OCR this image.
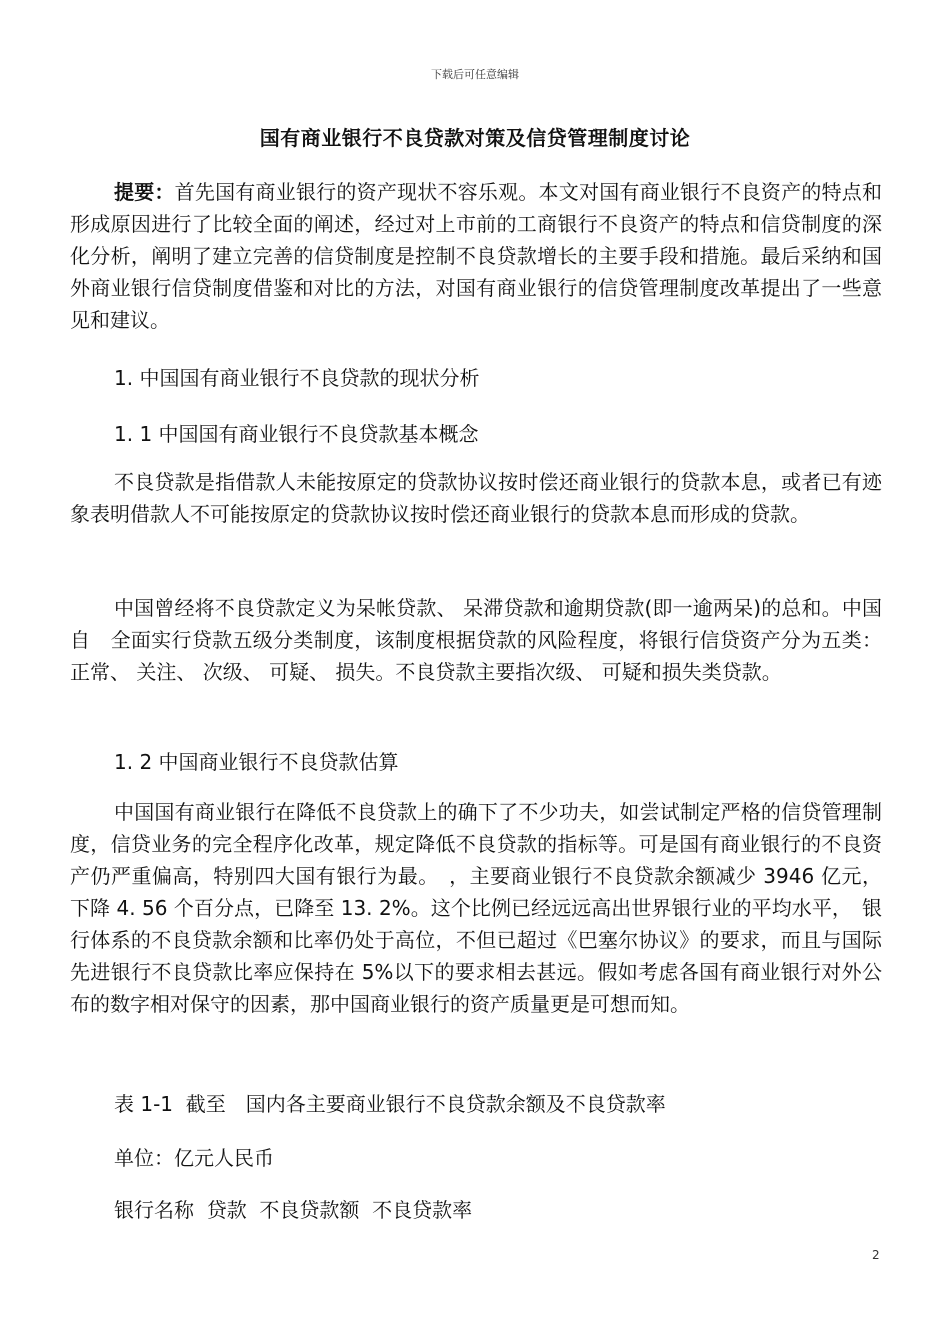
下载后可任意编辑
国有商业银行不良贷款对策及信贷管理制度讨论

提要：首先国有商业银行的资产现状不容乐观。本文对国有商业银行不良资产的特点和形成原因进行了比较全面的阐述，经过对上市前的工商银行不良资产的特点和信贷制度的深化分析，阐明了建立完善的信贷制度是控制不良贷款增长的主要手段和措施。最后采纳和国外商业银行信贷制度借鉴和对比的方法，对国有商业银行的信贷管理制度改革提出了一些意见和建议。

1. 中国国有商业银行不良贷款的现状分析

1. 1 中国国有商业银行不良贷款基本概念

不良贷款是指借款人未能按原定的贷款协议按时偿还商业银行的贷款本息，或者已有迹象表明借款人不可能按原定的贷款协议按时偿还商业银行的贷款本息而形成的贷款。

中国曾经将不良贷款定义为呆帐贷款、 呆滞贷款和逾期贷款(即一逾两呆)的总和。中国自　全面实行贷款五级分类制度，该制度根据贷款的风险程度，将银行信贷资产分为五类：正常、 关注、 次级、 可疑、 损失。不良贷款主要指次级、 可疑和损失类贷款。

1. 2 中国商业银行不良贷款估算

中国国有商业银行在降低不良贷款上的确下了不少功夫，如尝试制定严格的信贷管理制度，信贷业务的完全程序化改革，规定降低不良贷款的指标等。可是国有商业银行的不良资产仍严重偏高，特别四大国有银行为最。　，主要商业银行不良贷款余额减少 3946 亿元，下降 4. 56 个百分点，已降至 13. 2%。这个比例已经远远高出世界银行业的平均水平，　银行体系的不良贷款余额和比率仍处于高位，不但已超过《巴塞尔协议》的要求，而且与国际先进银行不良贷款比率应保持在 5%以下的要求相去甚远。假如考虑各国有商业银行对外公布的数字相对保守的因素，那中国商业银行的资产质量更是可想而知。

表 1-1  截至　国内各主要商业银行不良贷款余额及不良贷款率

单位：亿元人民币

银行名称  贷款  不良贷款额  不良贷款率

2
